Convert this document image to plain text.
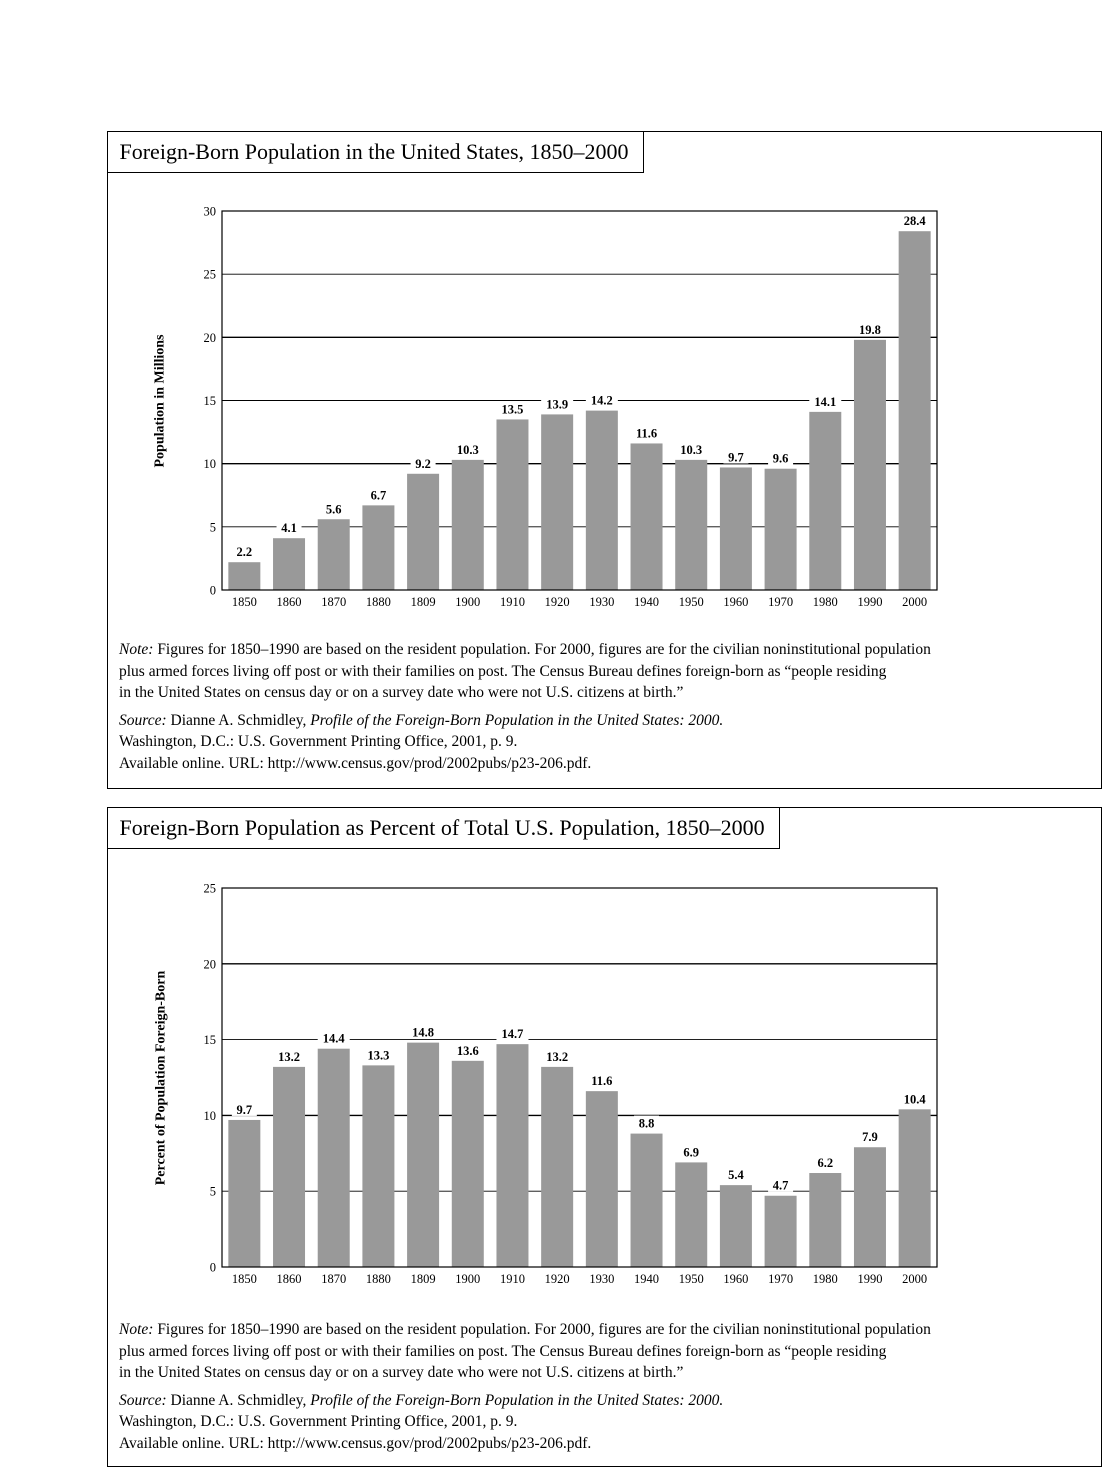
Foreign-Born Population in the United States, 1850–2000
0
5
10
15
20
25
30
2.2
1850
4.1
1860
5.6
1870
6.7
1880
9.2
1809
10.3
1900
13.5
1910
13.9
1920
14.2
1930
11.6
1940
10.3
1950
9.7
1960
9.6
1970
14.1
1980
19.8
1990
28.4
2000
Population in Millions

Note: Figures for 1850–1990 are based on the resident population. For 2000, figures are for the civilian noninstitutional population
plus armed forces living off post or with their families on post. The Census Bureau defines foreign-born as “people residing
in the United States on census day or on a survey date who were not U.S. citizens at birth.”

Source: Dianne A. Schmidley, Profile of the Foreign-Born Population in the United States: 2000.
Washington, D.C.: U.S. Government Printing Office, 2001, p. 9.
Available online. URL: http://www.census.gov/prod/2002pubs/p23-206.pdf.

Foreign-Born Population as Percent of Total U.S. Population, 1850–2000
0
5
10
15
20
25
9.7
1850
13.2
1860
14.4
1870
13.3
1880
14.8
1809
13.6
1900
14.7
1910
13.2
1920
11.6
1930
8.8
1940
6.9
1950
5.4
1960
4.7
1970
6.2
1980
7.9
1990
10.4
2000
Percent of Population Foreign-Born

Note: Figures for 1850–1990 are based on the resident population. For 2000, figures are for the civilian noninstitutional population
plus armed forces living off post or with their families on post. The Census Bureau defines foreign-born as “people residing
in the United States on census day or on a survey date who were not U.S. citizens at birth.”

Source: Dianne A. Schmidley, Profile of the Foreign-Born Population in the United States: 2000.
Washington, D.C.: U.S. Government Printing Office, 2001, p. 9.
Available online. URL: http://www.census.gov/prod/2002pubs/p23-206.pdf.
